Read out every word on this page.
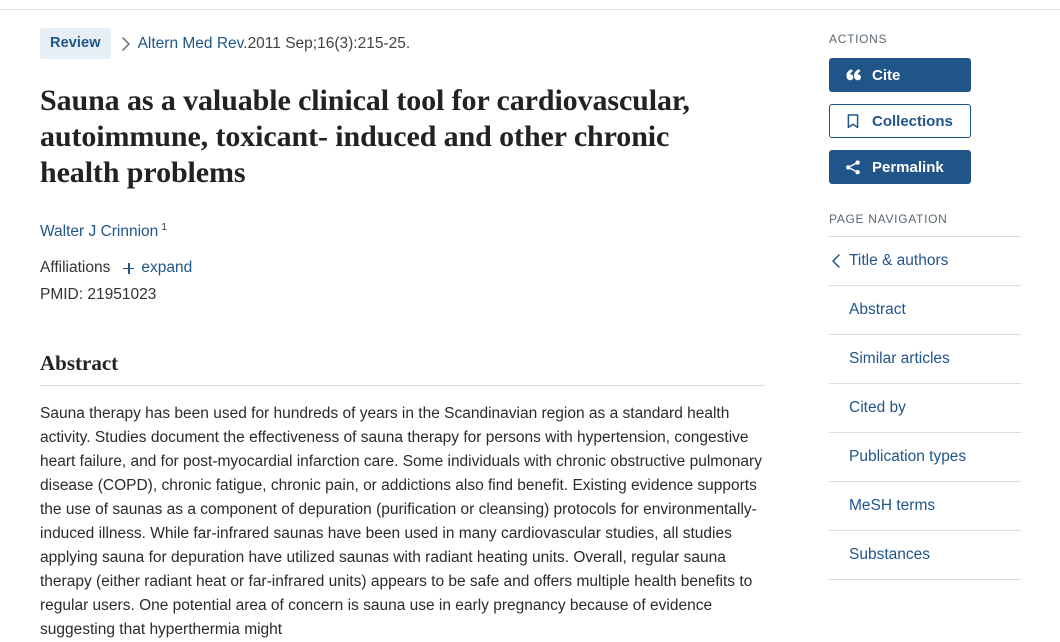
Review	Altern Med Rev. 2011 Sep;16(3):215-25.
Sauna as a valuable clinical tool for cardiovascular, autoimmune, toxicant- induced and other chronic health problems
Walter J Crinnion $^1$
Affiliations expand
PMID: 21951023
Abstract
Sauna therapy has been used for hundreds of years in the Scandinavian region as a standard health activity. Studies document the effectiveness of sauna therapy for persons with hypertension, congestive heart failure, and for post-myocardial infarction care. Some individuals with chronic obstructive pulmonary disease (COPD), chronic fatigue, chronic pain, or addictions also find benefit. Existing evidence supports the use of saunas as a component of depuration (purification or cleansing) protocols for environmentally-induced illness. While far-infrared saunas have been used in many cardiovascular studies, all studies applying sauna for depuration have utilized saunas with radiant heating units. Overall, regular sauna therapy (either radiant heat or far-infrared units) appears to be safe and offers multiple health benefits to regular users. One potential area of concern is sauna use in early pregnancy because of evidence suggesting that hyperthermia might
ACTIONS
Cite
Collections
Permalink
PAGE NAVIGATION
Title & authors
Abstract
Similar articles
Cited by
Publication types
MeSH terms
Substances
